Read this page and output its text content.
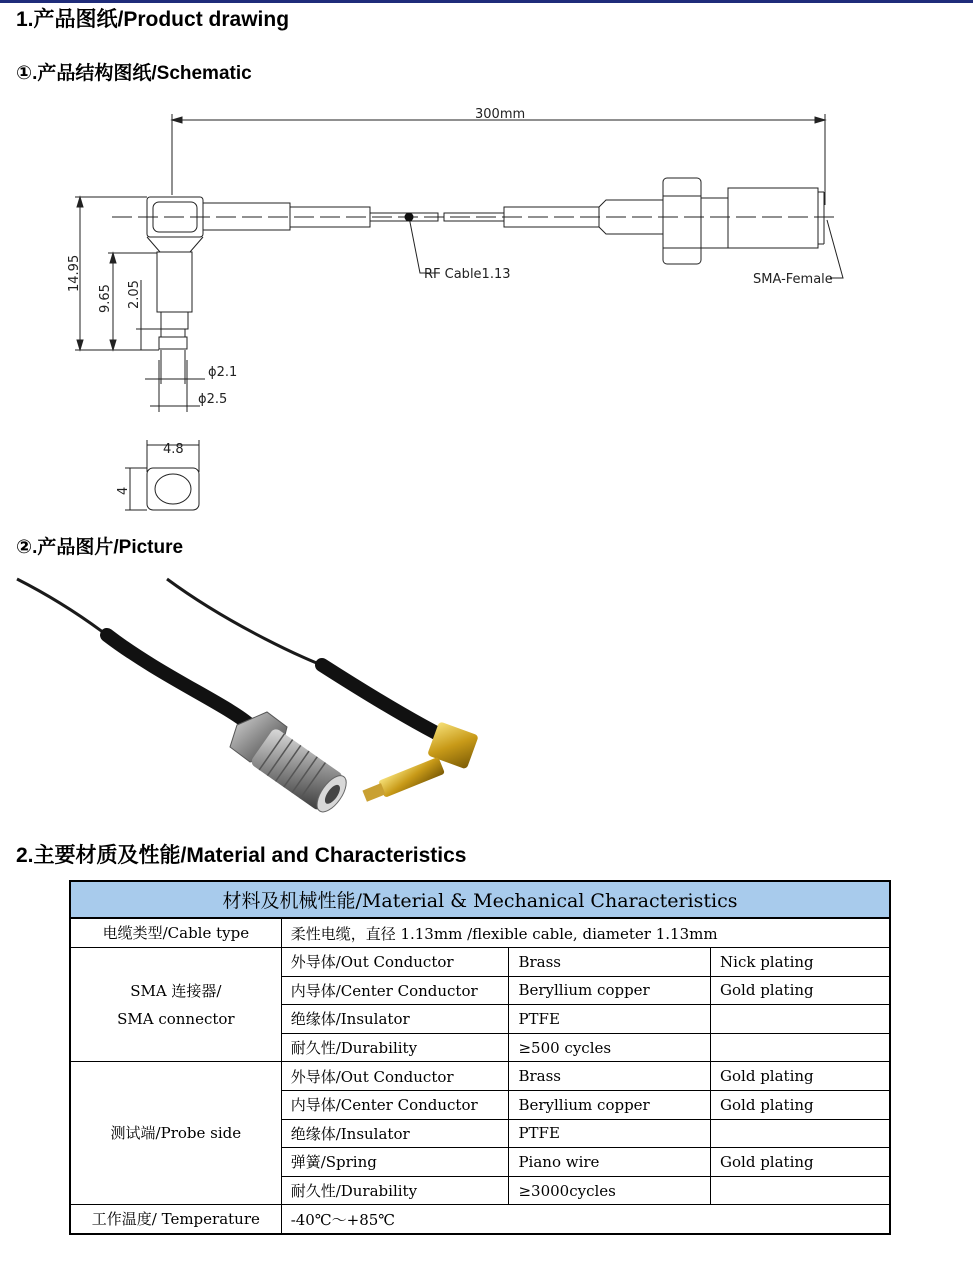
1.产品图纸/Product drawing
①.产品结构图纸/Schematic
300mm
RF Cable1.13	SMA-Female
ϕ2.1
ϕ2.5
4.8
14.95
9.65 2.05
4
②.产品图片/Picture
2.主要材质及性能/Material and Characteristics
材料及机械性能/Material & Mechanical Characteristics			
电缆类型/Cable type	柔性电缆，直径 1.13mm /flexible cable, diameter 1.13mm		
SMA 连接器/
SMA connector	外导体/Out Conductor	Brass	Nick plating
	内导体/Center Conductor	Beryllium copper	Gold plating
	绝缘体/Insulator	PTFE	
	耐久性/Durability	≥500 cycles	
测试端/Probe side	外导体/Out Conductor	Brass	Gold plating
	内导体/Center Conductor	Beryllium copper	Gold plating
	绝缘体/Insulator	PTFE	
	弹簧/Spring	Piano wire	Gold plating
	耐久性/Durability	≥3000cycles	
工作温度/ Temperature	-40℃～+85℃		
